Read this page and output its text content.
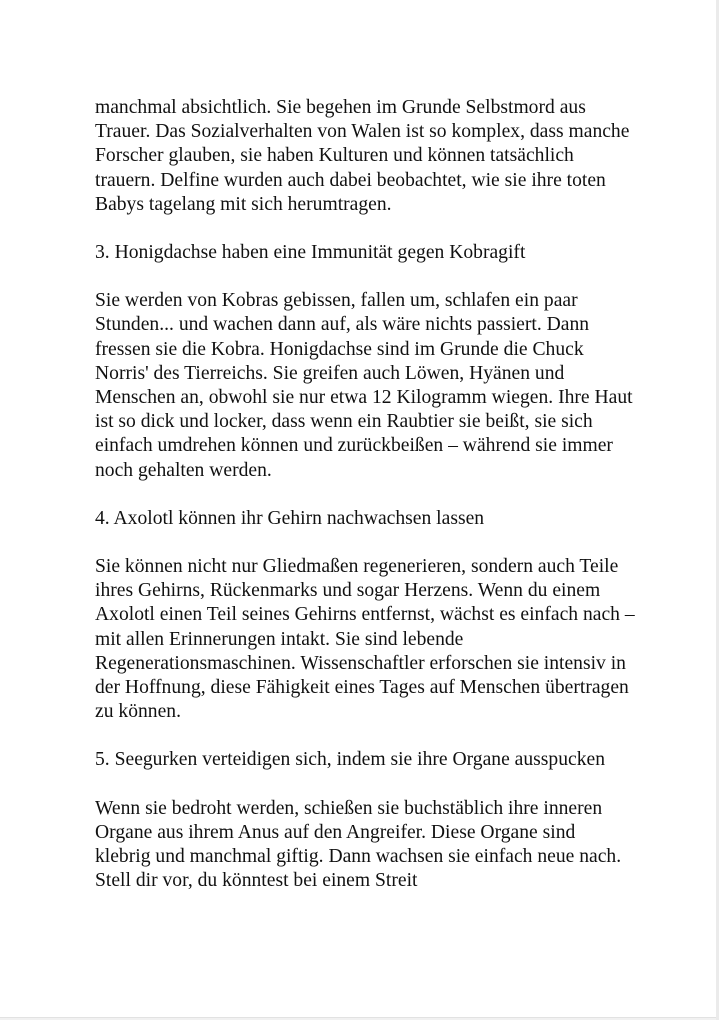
manchmal absichtlich. Sie begehen im Grunde Selbstmord aus Trauer. Das Sozialverhalten von Walen ist so komplex, dass manche Forscher glauben, sie haben Kulturen und können tatsächlich trauern. Delfine wurden auch dabei beobachtet, wie sie ihre toten Babys tagelang mit sich herumtragen.

3. Honigdachse haben eine Immunität gegen Kobragift

Sie werden von Kobras gebissen, fallen um, schlafen ein paar Stunden... und wachen dann auf, als wäre nichts passiert. Dann fressen sie die Kobra. Honigdachse sind im Grunde die Chuck Norris' des Tierreichs. Sie greifen auch Löwen, Hyänen und Menschen an, obwohl sie nur etwa 12 Kilogramm wiegen. Ihre Haut ist so dick und locker, dass wenn ein Raubtier sie beißt, sie sich einfach umdrehen können und zurückbeißen – während sie immer noch gehalten werden.

4. Axolotl können ihr Gehirn nachwachsen lassen

Sie können nicht nur Gliedmaßen regenerieren, sondern auch Teile ihres Gehirns, Rückenmarks und sogar Herzens. Wenn du einem Axolotl einen Teil seines Gehirns entfernst, wächst es einfach nach – mit allen Erinnerungen intakt. Sie sind lebende Regenerationsmaschinen. Wissenschaftler erforschen sie intensiv in der Hoffnung, diese Fähigkeit eines Tages auf Menschen übertragen zu können.

5. Seegurken verteidigen sich, indem sie ihre Organe ausspucken

Wenn sie bedroht werden, schießen sie buchstäblich ihre inneren Organe aus ihrem Anus auf den Angreifer. Diese Organe sind klebrig und manchmal giftig. Dann wachsen sie einfach neue nach. Stell dir vor, du könntest bei einem Streit
